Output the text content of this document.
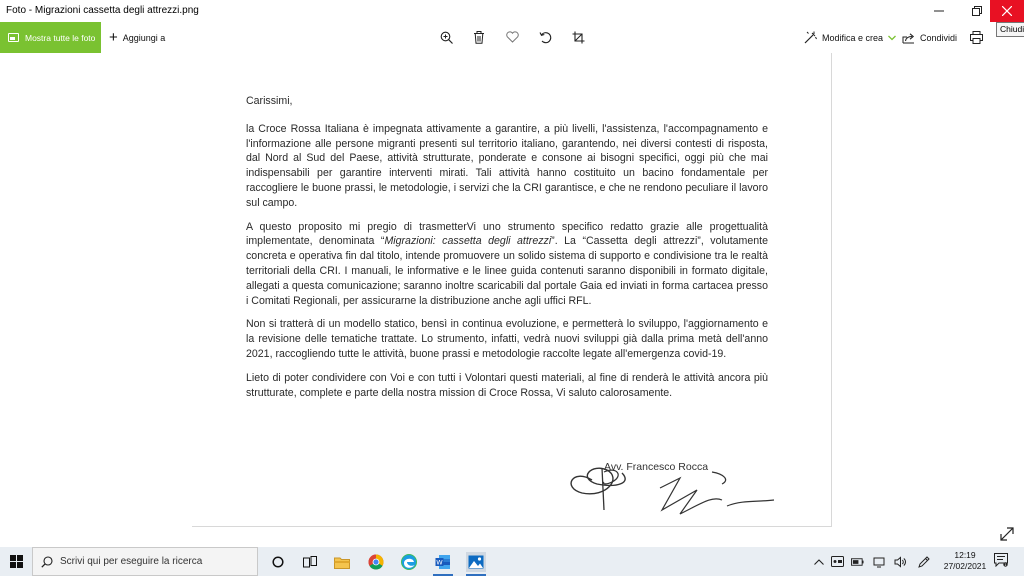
Foto - Migrazioni cassetta degli attrezzi.png
Chiudi
Mostra tutte le foto + Aggiungi a	Modifica e crea	Condividi

Carissimi,

la Croce Rossa Italiana è impegnata attivamente a garantire, a più livelli, l'assistenza, l'accompagnamento e l'informazione alle persone migranti presenti sul territorio italiano, garantendo, nei diversi contesti di risposta, dal Nord al Sud del Paese, attività strutturate, ponderate e consone ai bisogni specifici, oggi più che mai indispensabili per garantire interventi mirati. Tali attività hanno costituito un bacino fondamentale per raccogliere le buone prassi, le metodologie, i servizi che la CRI garantisce, e che ne rendono peculiare il lavoro sul campo.

A questo proposito mi pregio di trasmetterVi uno strumento specifico redatto grazie alle progettualità implementate, denominata “Migrazioni: cassetta degli attrezzi”. La “Cassetta degli attrezzi”, volutamente concreta e operativa fin dal titolo, intende promuovere un solido sistema di supporto e condivisione tra le realtà territoriali della CRI. I manuali, le informative e le linee guida contenuti saranno disponibili in formato digitale, allegati a questa comunicazione; saranno inoltre scaricabili dal portale Gaia ed inviati in forma cartacea presso i Comitati Regionali, per assicurarne la distribuzione anche agli uffici RFL.

Non si tratterà di un modello statico, bensì in continua evoluzione, e permetterà lo sviluppo, l'aggiornamento e la revisione delle tematiche trattate. Lo strumento, infatti, vedrà nuovi sviluppi già dalla prima metà dell'anno 2021, raccogliendo tutte le attività, buone prassi e metodologie raccolte legate all'emergenza covid-19.

Lieto di poter condividere con Voi e con tutti i Volontari questi materiali, al fine di renderà le attività ancora più strutturate, complete e parte della nostra mission di Croce Rossa, Vi saluto calorosamente.

Avv. Francesco Rocca
Scrivi qui per eseguire la ricerca	W
12:19
27/02/2021	1
